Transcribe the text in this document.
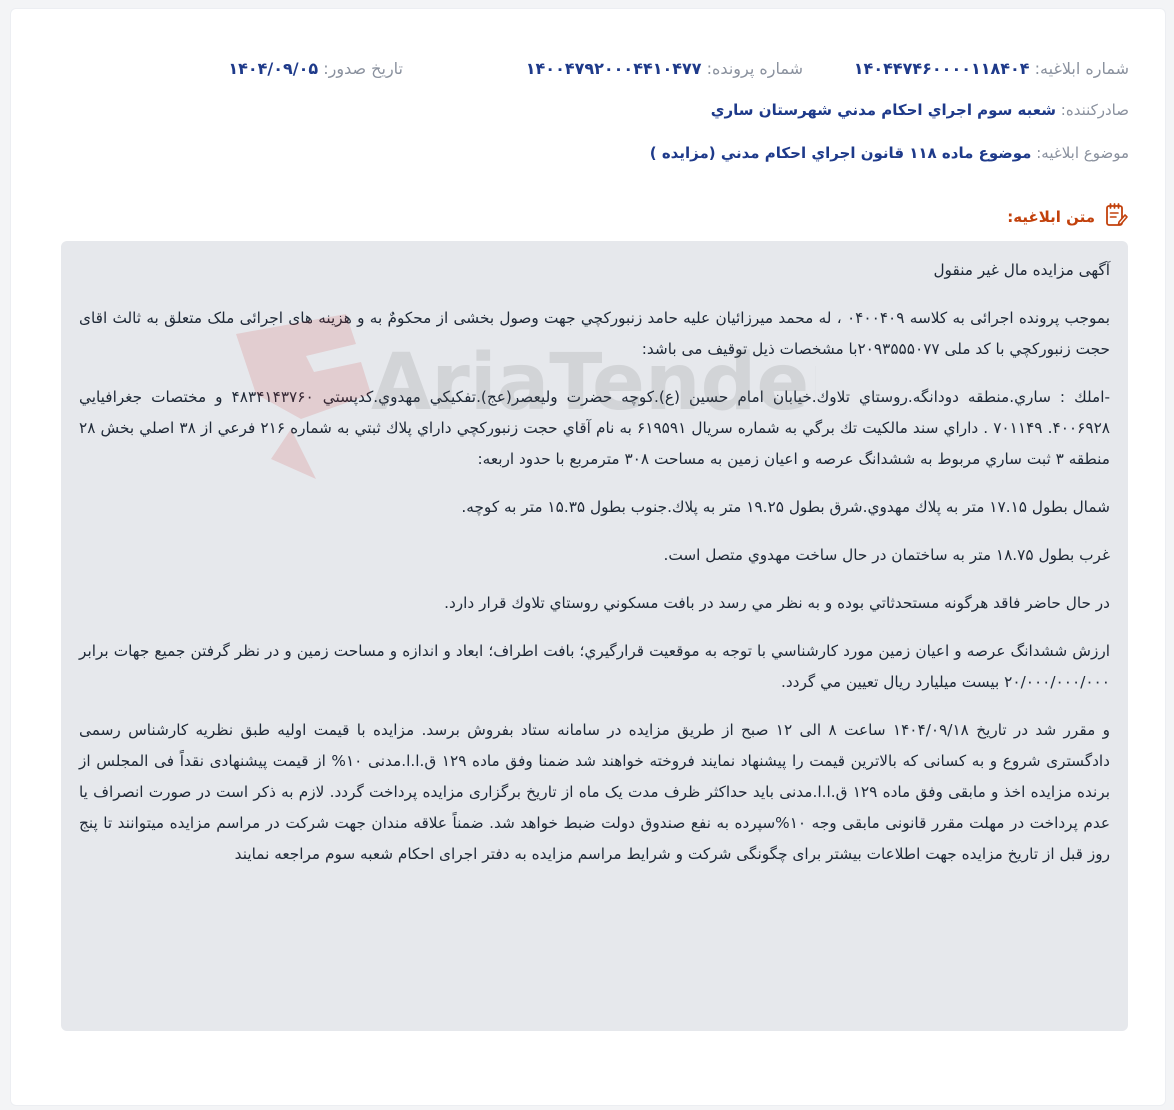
شماره ابلاغیه: ۱۴۰۴۴۷۴۶۰۰۰۰۱۱۸۴۰۴
شماره پرونده: ۱۴۰۰۴۷۹۲۰۰۰۴۴۱۰۴۷۷
تاریخ صدور: ۱۴۰۴/۰۹/۰۵
صادرکننده: شعبه سوم اجراي احكام مدني شهرستان ساري
موضوع ابلاغیه: موضوع ماده ۱۱۸ قانون اجراي احكام مدني (مزايده )
متن ابلاغیه:

آگهی مزایده مال غیر منقول

بموجب پرونده اجرائی به کلاسه ۰۴۰۰۴۰۹ ، له محمد میرزائیان علیه حامد زنبورکچي جهت وصول بخشی از محکومٌ به و هزینه های اجرائی ملک متعلق به ثالث اقای حجت زنبورکچي با کد ملی ۲۰۹۳۵۵۵۰۷۷با مشخصات ذیل توقیف می باشد:

-املك : ساري.منطقه دودانگه.روستاي تلاوك.خيابان امام حسين (ع).كوچه حضرت وليعصر(عج).تفكيكي مهدوي.كدپستي ۴۸۳۴۱۴۳۷۶۰ و مختصات جغرافيايي ۴۰۰۶۹۲۸. ۷۰۱۱۴۹ . داراي سند مالكيت تك برگي به شماره سريال ۶۱۹۵۹۱ به نام آقاي حجت زنبوركچي داراي پلاك ثبتي به شماره ۲۱۶ فرعي از ۳۸ اصلي بخش ۲۸ منطقه ۳ ثبت ساري مربوط به ششدانگ عرصه و اعيان زمين به مساحت ۳۰۸ مترمربع با حدود اربعه:

شمال بطول ۱۷.۱۵ متر به پلاك مهدوي.شرق بطول ۱۹.۲۵ متر به پلاك.جنوب بطول ۱۵.۳۵ متر به كوچه.

غرب بطول ۱۸.۷۵ متر به ساختمان در حال ساخت مهدوي متصل است.

در حال حاضر فاقد هرگونه مستحدثاتي بوده و به نظر مي رسد در بافت مسكوني روستاي تلاوك قرار دارد.

ارزش ششدانگ عرصه و اعيان زمين مورد كارشناسي با توجه به موقعيت قرارگيري؛ بافت اطراف؛ ابعاد و اندازه و مساحت زمين و در نظر گرفتن جميع جهات برابر ۲۰/۰۰۰/۰۰۰/۰۰۰ بيست ميليارد ريال تعيين مي گردد.

و مقرر شد در تاریخ ۱۴۰۴/۰۹/۱۸ ساعت ۸ الی ۱۲ صبح از طریق مزایده در سامانه ستاد بفروش برسد. مزایده با قیمت اولیه طبق نظریه کارشناس رسمی دادگستری شروع و به کسانی که بالاترین قیمت را پیشنهاد نمایند فروخته خواهند شد ضمنا وفق ماده ۱۲۹ ق.ا.ا.مدنی ۱۰% از قیمت پیشنهادی نقداً فی المجلس از برنده مزایده اخذ و مابقی وفق ماده ۱۲۹ ق.ا.ا.مدنی باید حداکثر ظرف مدت یک ماه از تاریخ برگزاری مزایده پرداخت گردد. لازم به ذکر است در صورت انصراف یا عدم پرداخت در مهلت مقرر قانونی مابقی وجه ۱۰%سپرده به نفع صندوق دولت ضبط خواهد شد. ضمناً علاقه مندان جهت شرکت در مراسم مزایده میتوانند تا پنج روز قبل از تاریخ مزایده جهت اطلاعات بیشتر برای چگونگی شرکت و شرایط مراسم مزایده به دفتر اجرای احکام شعبه سوم مراجعه نمایند
